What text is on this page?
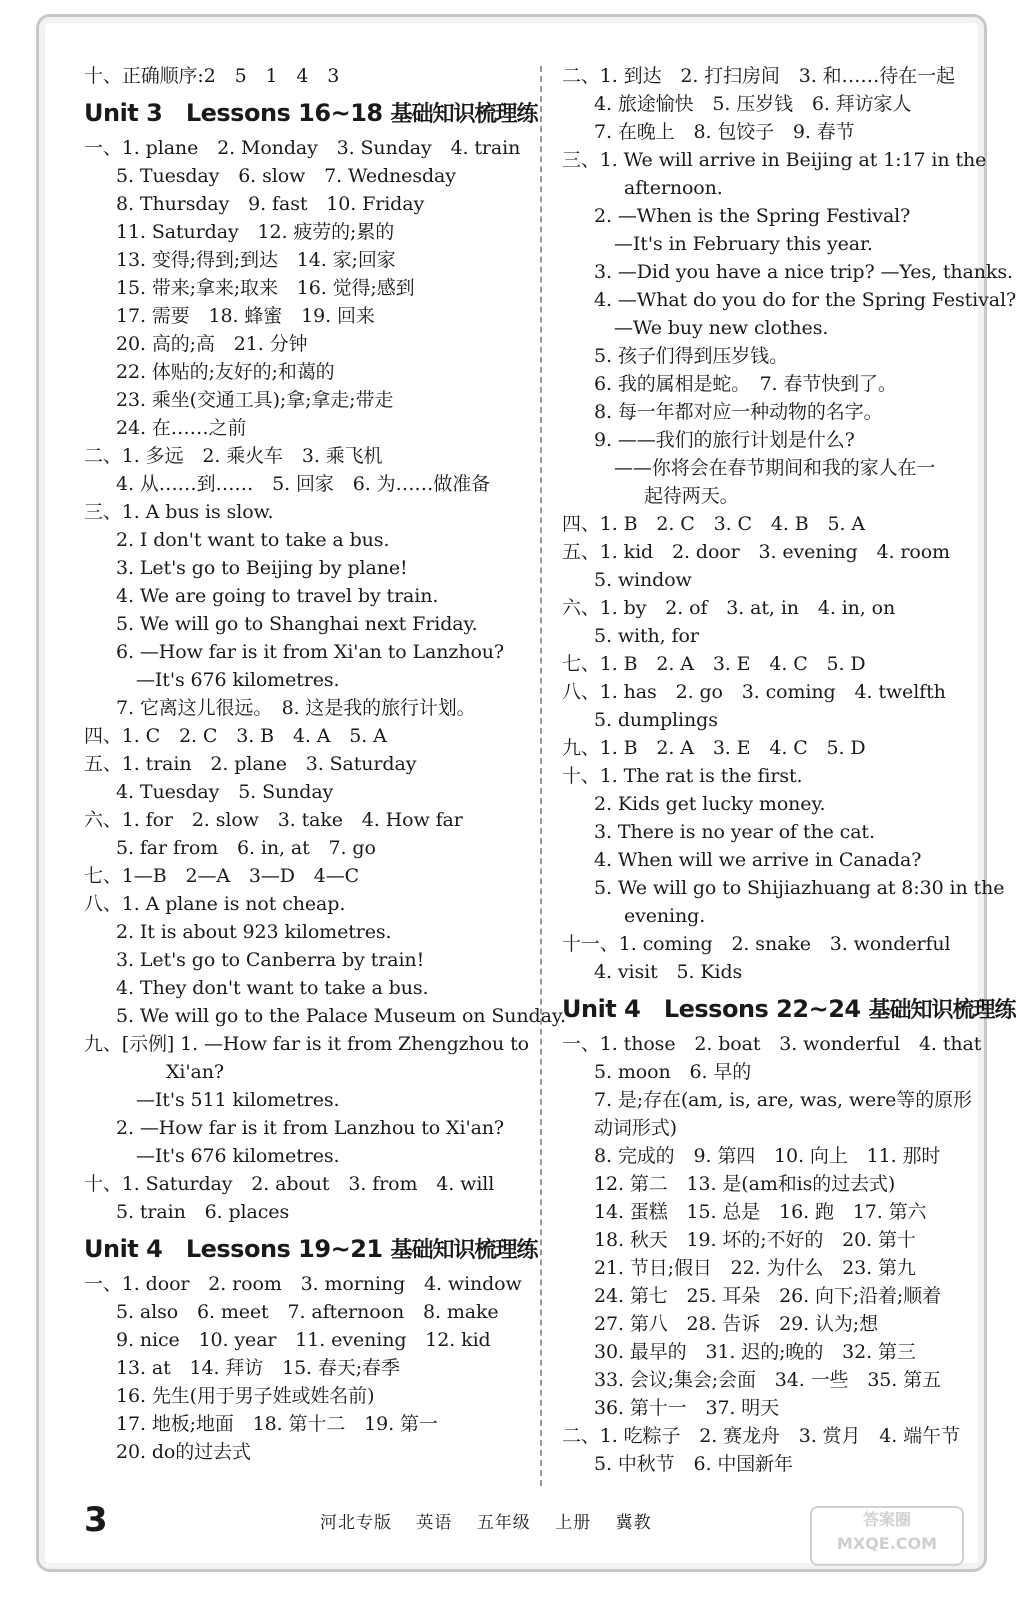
十、正确顺序:2　5　1　4　3
Unit 3　Lessons 16~18 基础知识梳理练
一、1. plane　2. Monday　3. Sunday　4. train
5. Tuesday　6. slow　7. Wednesday
8. Thursday　9. fast　10. Friday
11. Saturday　12. 疲劳的;累的
13. 变得;得到;到达　14. 家;回家
15. 带来;拿来;取来　16. 觉得;感到
17. 需要　18. 蜂蜜　19. 回来
20. 高的;高　21. 分钟
22. 体贴的;友好的;和蔼的
23. 乘坐(交通工具);拿;拿走;带走
24. 在……之前
二、1. 多远　2. 乘火车　3. 乘飞机
4. 从……到……　5. 回家　6. 为……做准备
三、1. A bus is slow.
2. I don't want to take a bus.
3. Let's go to Beijing by plane!
4. We are going to travel by train.
5. We will go to Shanghai next Friday.
6. —How far is it from Xi'an to Lanzhou?
—It's 676 kilometres.
7. 它离这儿很远。　8. 这是我的旅行计划。
四、1. C　2. C　3. B　4. A　5. A
五、1. train　2. plane　3. Saturday
4. Tuesday　5. Sunday
六、1. for　2. slow　3. take　4. How far
5. far from　6. in, at　7. go
七、1—B　2—A　3—D　4—C
八、1. A plane is not cheap.
2. It is about 923 kilometres.
3. Let's go to Canberra by train!
4. They don't want to take a bus.
5. We will go to the Palace Museum on Sunday.
九、[示例] 1. —How far is it from Zhengzhou to
Xi'an?
—It's 511 kilometres.
2. —How far is it from Lanzhou to Xi'an?
—It's 676 kilometres.
十、1. Saturday　2. about　3. from　4. will
5. train　6. places
Unit 4　Lessons 19~21 基础知识梳理练
一、1. door　2. room　3. morning　4. window
5. also　6. meet　7. afternoon　8. make
9. nice　10. year　11. evening　12. kid
13. at　14. 拜访　15. 春天;春季
16. 先生(用于男子姓或姓名前)
17. 地板;地面　18. 第十二　19. 第一
20. do的过去式
二、1. 到达　2. 打扫房间　3. 和……待在一起
4. 旅途愉快　5. 压岁钱　6. 拜访家人
7. 在晚上　8. 包饺子　9. 春节
三、1. We will arrive in Beijing at 1:17 in the
afternoon.
2. —When is the Spring Festival?
—It's in February this year.
3. —Did you have a nice trip? —Yes, thanks.
4. —What do you do for the Spring Festival?
—We buy new clothes.
5. 孩子们得到压岁钱。
6. 我的属相是蛇。　7. 春节快到了。
8. 每一年都对应一种动物的名字。
9. ——我们的旅行计划是什么?
——你将会在春节期间和我的家人在一
起待两天。
四、1. B　2. C　3. C　4. B　5. A
五、1. kid　2. door　3. evening　4. room
5. window
六、1. by　2. of　3. at, in　4. in, on
5. with, for
七、1. B　2. A　3. E　4. C　5. D
八、1. has　2. go　3. coming　4. twelfth
5. dumplings
九、1. B　2. A　3. E　4. C　5. D
十、1. The rat is the first.
2. Kids get lucky money.
3. There is no year of the cat.
4. When will we arrive in Canada?
5. We will go to Shijiazhuang at 8:30 in the
evening.
十一、1. coming　2. snake　3. wonderful
4. visit　5. Kids
Unit 4　Lessons 22~24 基础知识梳理练
一、1. those　2. boat　3. wonderful　4. that
5. moon　6. 早的
7. 是;存在(am, is, are, was, were等的原形
动词形式)
8. 完成的　9. 第四　10. 向上　11. 那时
12. 第二　13. 是(am和is的过去式)
14. 蛋糕　15. 总是　16. 跑　17. 第六
18. 秋天　19. 坏的;不好的　20. 第十
21. 节日;假日　22. 为什么　23. 第九
24. 第七　25. 耳朵　26. 向下;沿着;顺着
27. 第八　28. 告诉　29. 认为;想
30. 最早的　31. 迟的;晚的　32. 第三
33. 会议;集会;会面　34. 一些　35. 第五
36. 第十一　37. 明天
二、1. 吃粽子　2. 赛龙舟　3. 赏月　4. 端午节
5. 中秋节　6. 中国新年
3	河北专版 英语 五年级 上册 冀教	答案圈
MXQE.COM
